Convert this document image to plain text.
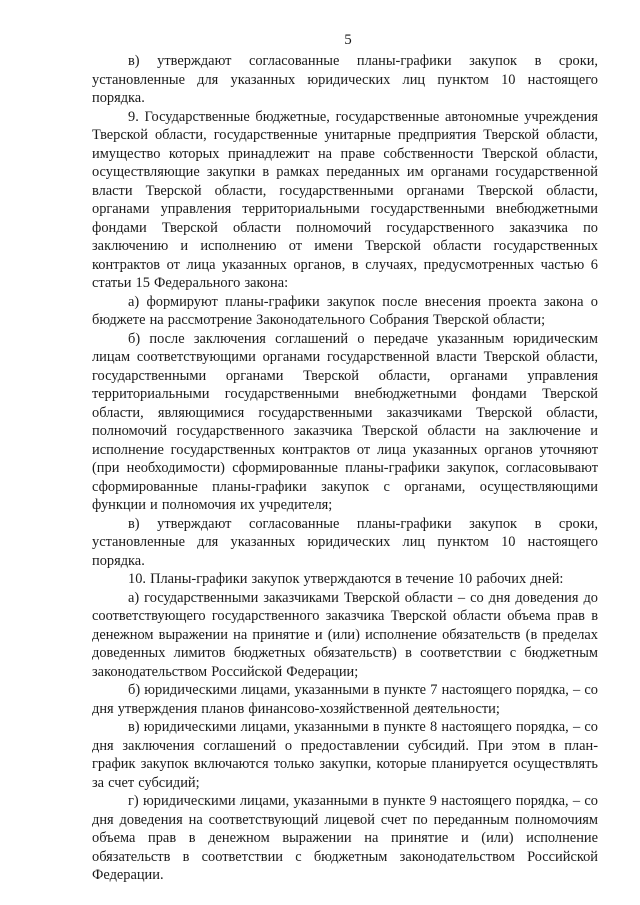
5

в) утверждают согласованные планы-графики закупок в сроки, установленные для указанных юридических лиц пунктом 10 настоящего порядка.

9. Государственные бюджетные, государственные автономные учреждения Тверской области, государственные унитарные предприятия Тверской области, имущество которых принадлежит на праве собственности Тверской области, осуществляющие закупки в рамках переданных им органами государственной власти Тверской области, государственными органами Тверской области, органами управления территориальными государственными внебюджетными фондами Тверской области полномочий государственного заказчика по заключению и исполнению от имени Тверской области государственных контрактов от лица указанных органов, в случаях, предусмотренных частью 6 статьи 15 Федерального закона:

а) формируют планы-графики закупок после внесения проекта закона о бюджете на рассмотрение Законодательного Собрания Тверской области;

б) после заключения соглашений о передаче указанным юридическим лицам соответствующими органами государственной власти Тверской области, государственными органами Тверской области, органами управления территориальными государственными внебюджетными фондами Тверской области, являющимися государственными заказчиками Тверской области, полномочий государственного заказчика Тверской области на заключение и исполнение государственных контрактов от лица указанных органов уточняют (при необходимости) сформированные планы-графики закупок, согласовывают сформированные планы-графики закупок с органами, осуществляющими функции и полномочия их учредителя;

в) утверждают согласованные планы-графики закупок в сроки, установленные для указанных юридических лиц пунктом 10 настоящего порядка.

10. Планы-графики закупок утверждаются в течение 10 рабочих дней:

а) государственными заказчиками Тверской области – со дня доведения до соответствующего государственного заказчика Тверской области объема прав в денежном выражении на принятие и (или) исполнение обязательств (в пределах доведенных лимитов бюджетных обязательств) в соответствии с бюджетным законодательством Российской Федерации;

б) юридическими лицами, указанными в пункте 7 настоящего порядка, – со дня утверждения планов финансово-хозяйственной деятельности;

в) юридическими лицами, указанными в пункте 8 настоящего порядка, – со дня заключения соглашений о предоставлении субсидий. При этом в план-график закупок включаются только закупки, которые планируется осуществлять за счет субсидий;

г) юридическими лицами, указанными в пункте 9 настоящего порядка, – со дня доведения на соответствующий лицевой счет по переданным полномочиям объема прав в денежном выражении на принятие и (или) исполнение обязательств в соответствии с бюджетным законодательством Российской Федерации.
